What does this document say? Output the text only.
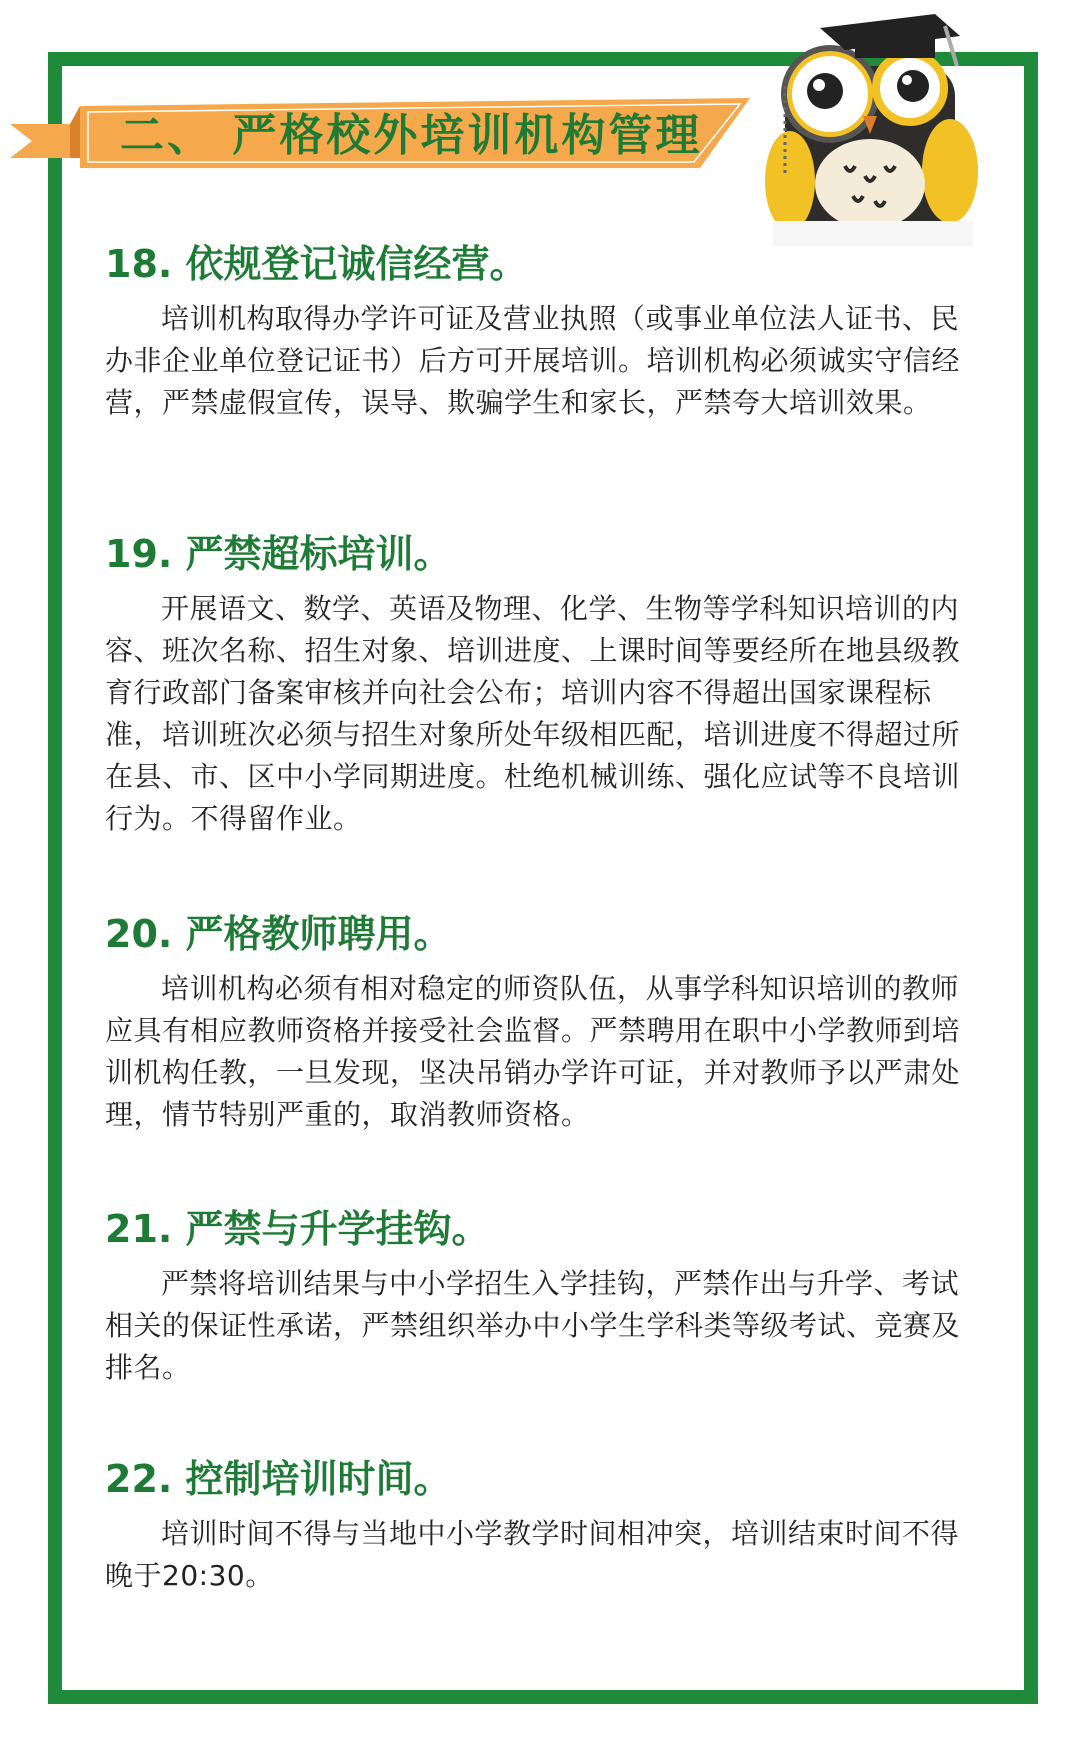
二、 严格校外培训机构管理
18. 依规登记诚信经营。

培训机构取得办学许可证及营业执照（或事业单位法人证书、民办非企业单位登记证书）后方可开展培训。培训机构必须诚实守信经营，严禁虚假宣传，误导、欺骗学生和家长，严禁夸大培训效果。

19. 严禁超标培训。

开展语文、数学、英语及物理、化学、生物等学科知识培训的内容、班次名称、招生对象、培训进度、上课时间等要经所在地县级教育行政部门备案审核并向社会公布；培训内容不得超出国家课程标准，培训班次必须与招生对象所处年级相匹配，培训进度不得超过所在县、市、区中小学同期进度。杜绝机械训练、强化应试等不良培训行为。不得留作业。

20. 严格教师聘用。

培训机构必须有相对稳定的师资队伍，从事学科知识培训的教师应具有相应教师资格并接受社会监督。严禁聘用在职中小学教师到培训机构任教，一旦发现，坚决吊销办学许可证，并对教师予以严肃处理，情节特别严重的，取消教师资格。

21. 严禁与升学挂钩。

严禁将培训结果与中小学招生入学挂钩，严禁作出与升学、考试相关的保证性承诺，严禁组织举办中小学生学科类等级考试、竞赛及排名。

22. 控制培训时间。

培训时间不得与当地中小学教学时间相冲突，培训结束时间不得晚于20:30。
